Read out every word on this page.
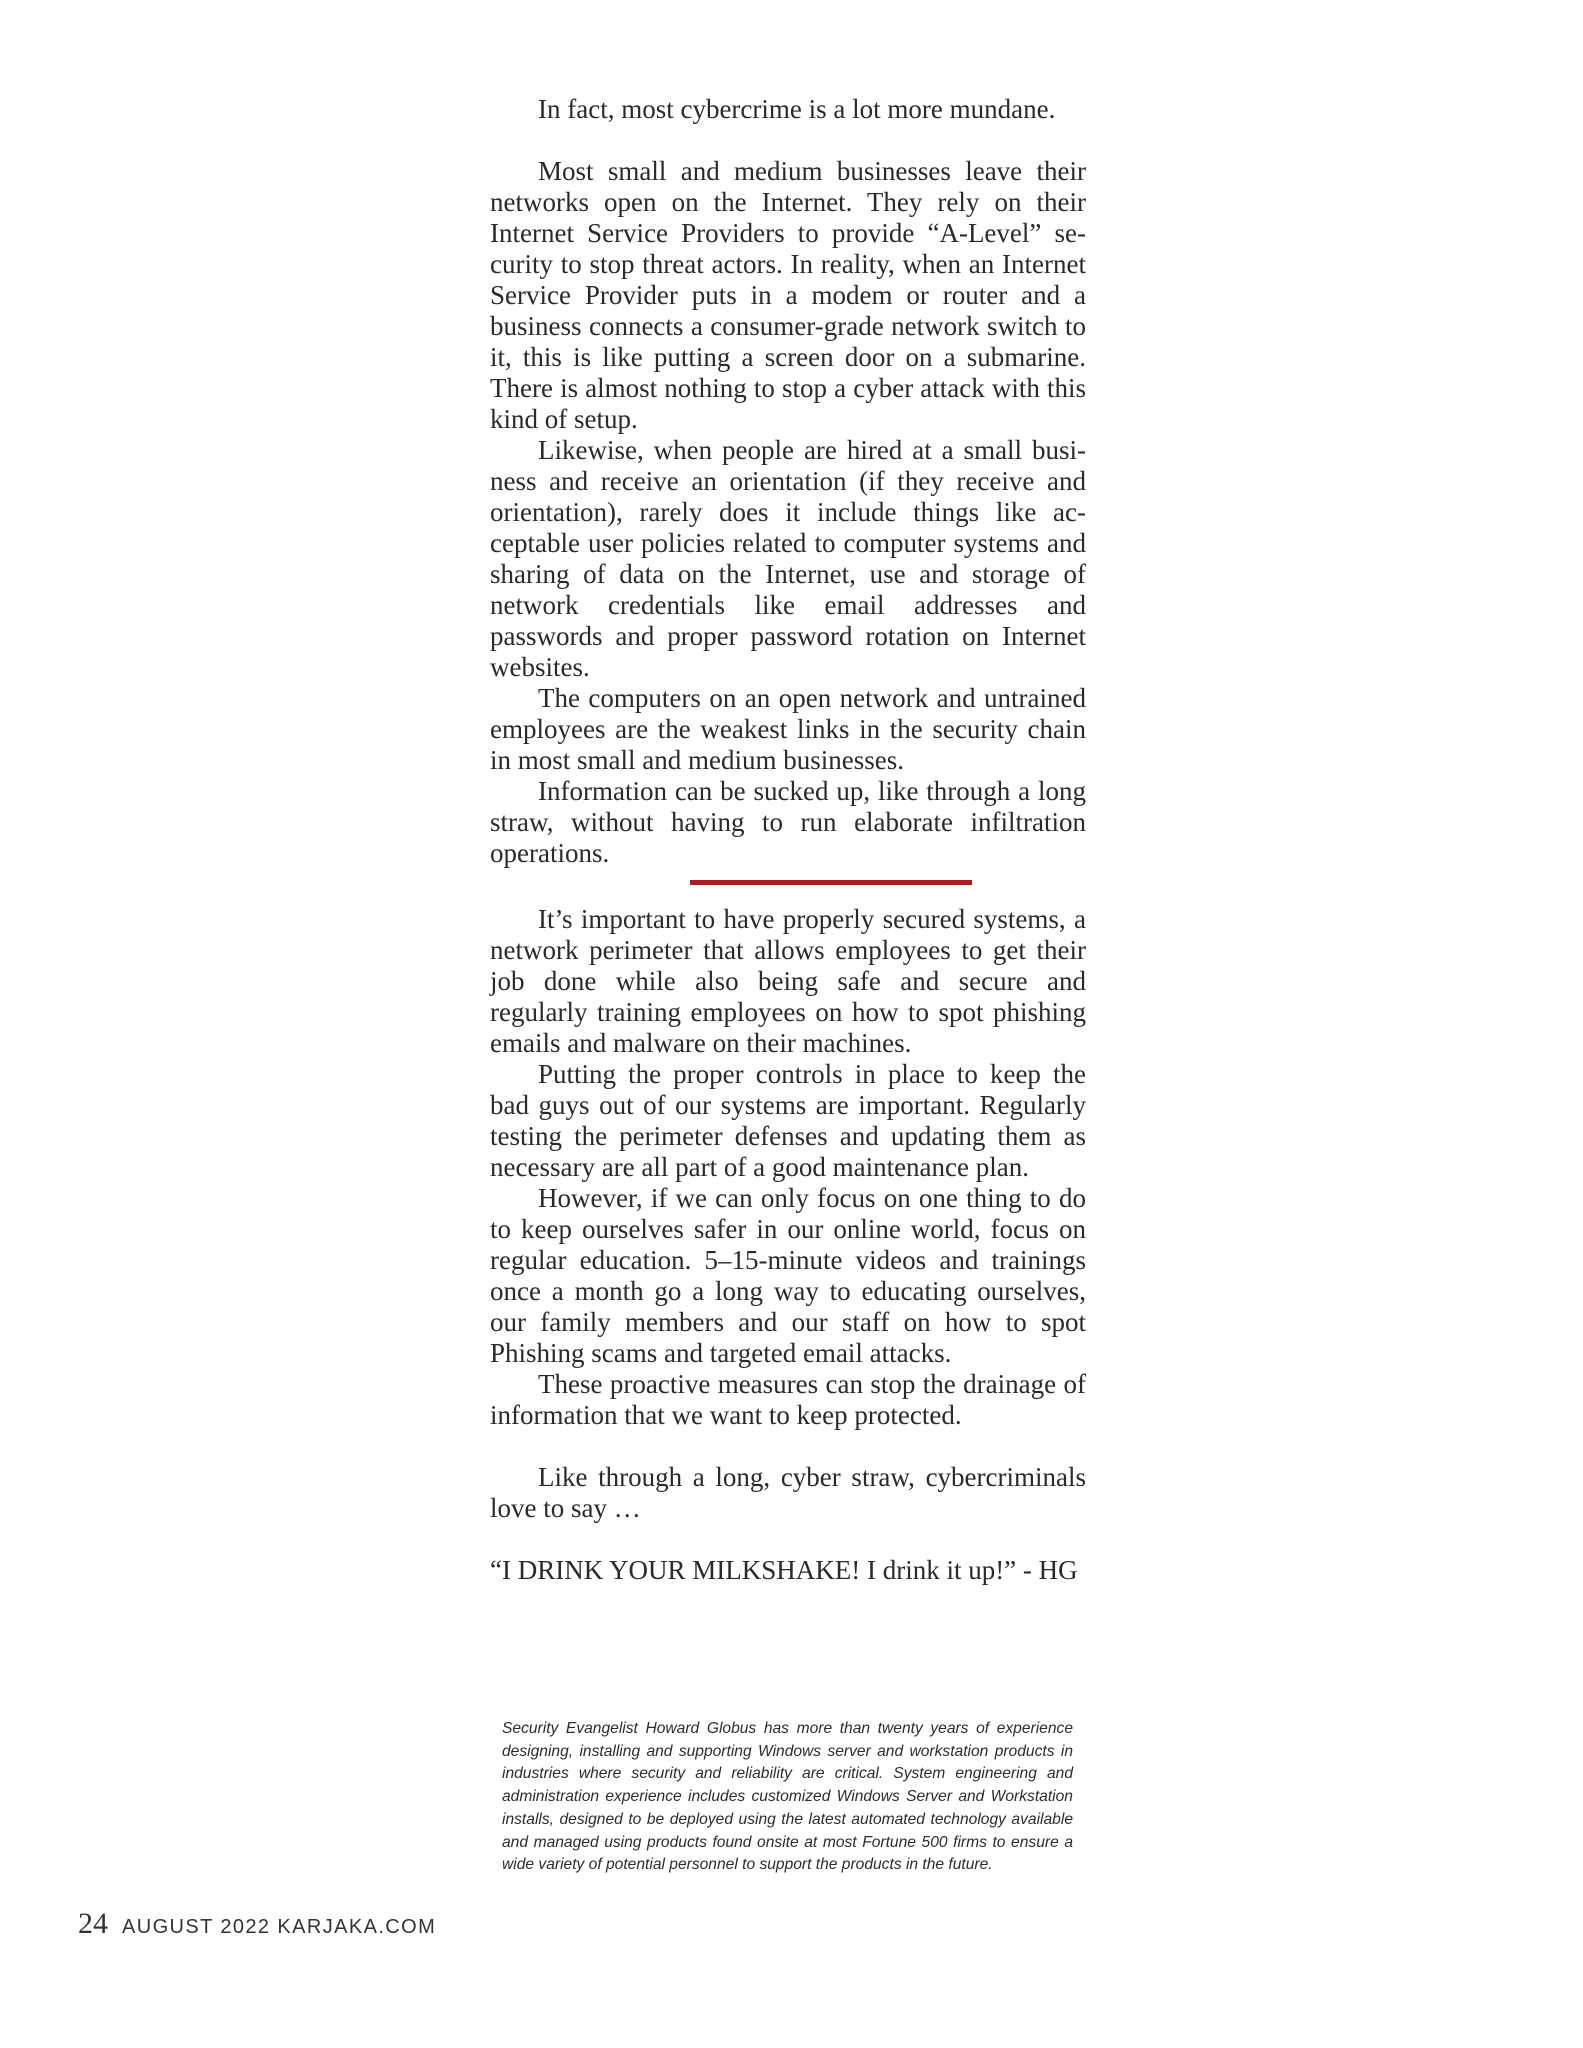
In fact, most cybercrime is a lot more mundane.

Most small and medium businesses leave their networks open on the Internet. They rely on their Internet Service Providers to provide “A-Level” security to stop threat actors. In reality, when an Internet Service Provider puts in a modem or router and a business connects a consumer-grade network switch to it, this is like putting a screen door on a submarine. There is almost nothing to stop a cyber attack with this kind of setup.

Likewise, when people are hired at a small business and receive an orientation (if they receive and orientation), rarely does it include things like acceptable user policies related to computer systems and sharing of data on the Internet, use and storage of network credentials like email addresses and passwords and proper password rotation on Internet websites.

The computers on an open network and untrained employees are the weakest links in the security chain in most small and medium businesses.

Information can be sucked up, like through a long straw, without having to run elaborate infiltration operations.

It’s important to have properly secured systems, a network perimeter that allows employees to get their job done while also being safe and secure and regularly training employees on how to spot phishing emails and malware on their machines.

Putting the proper controls in place to keep the bad guys out of our systems are important. Regularly testing the perimeter defenses and updating them as necessary are all part of a good maintenance plan.

However, if we can only focus on one thing to do to keep ourselves safer in our online world, focus on regular education. 5–15-minute videos and trainings once a month go a long way to educating ourselves, our family members and our staff on how to spot Phishing scams and targeted email attacks.

These proactive measures can stop the drainage of information that we want to keep protected.

Like through a long, cyber straw, cybercriminals love to say …

“I DRINK YOUR MILKSHAKE! I drink it up!” - HG

Security Evangelist Howard Globus has more than twenty years of experience designing, installing and supporting Windows server and workstation products in industries where security and reliability are critical. System engineering and administration experience includes customized Windows Server and Workstation installs, designed to be deployed using the latest automated technology available and managed using products found onsite at most Fortune 500 firms to ensure a wide variety of potential personnel to support the products in the future.

24 AUGUST 2022 KARJAKA.COM
